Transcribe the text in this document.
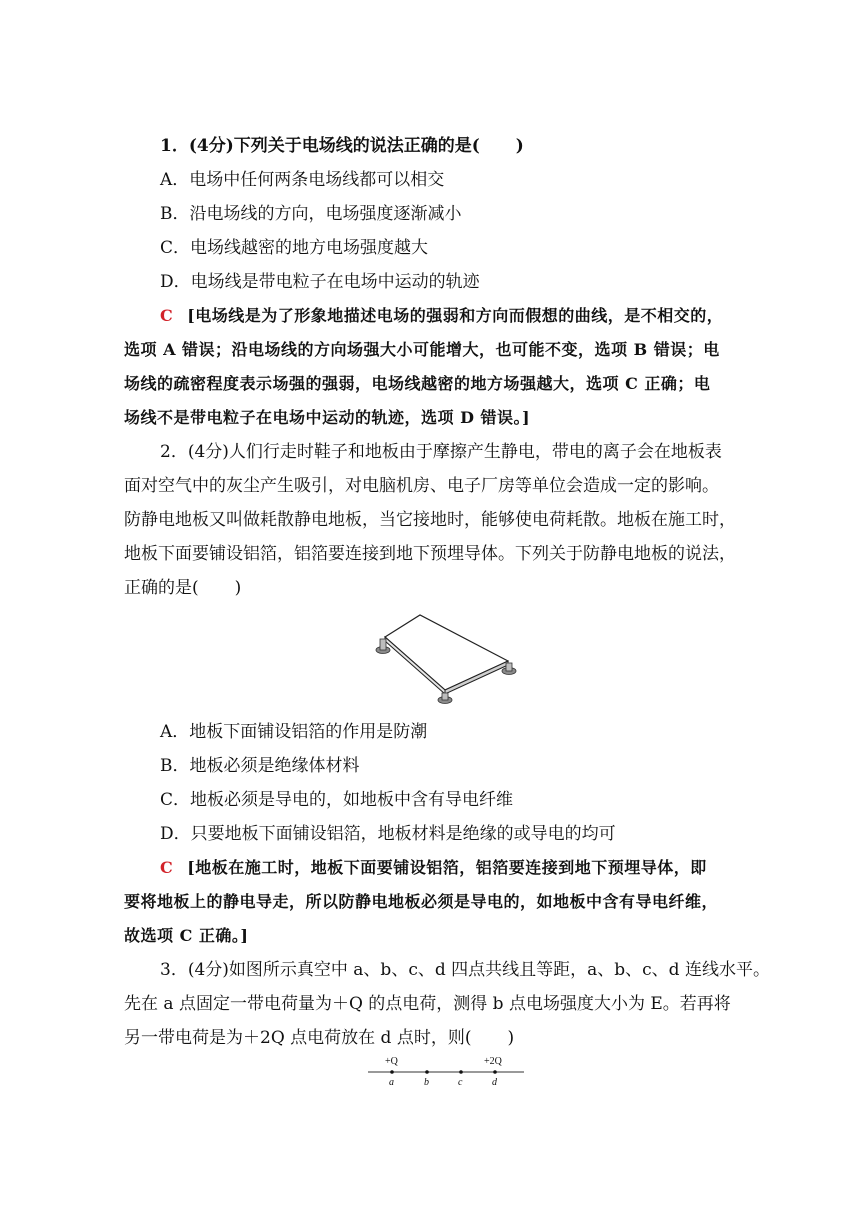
1．(4分)下列关于电场线的说法正确的是( )
A．电场中任何两条电场线都可以相交
B．沿电场线的方向，电场强度逐渐减小
C．电场线越密的地方电场强度越大
D．电场线是带电粒子在电场中运动的轨迹
C [电场线是为了形象地描述电场的强弱和方向而假想的曲线，是不相交的，
选项 A 错误；沿电场线的方向场强大小可能增大，也可能不变，选项 B 错误；电
场线的疏密程度表示场强的强弱，电场线越密的地方场强越大，选项 C 正确；电
场线不是带电粒子在电场中运动的轨迹，选项 D 错误。]
2．(4分)人们行走时鞋子和地板由于摩擦产生静电，带电的离子会在地板表
面对空气中的灰尘产生吸引，对电脑机房、电子厂房等单位会造成一定的影响。
防静电地板又叫做耗散静电地板，当它接地时，能够使电荷耗散。地板在施工时，
地板下面要铺设铝箔，铝箔要连接到地下预埋导体。下列关于防静电地板的说法，
正确的是( )
A．地板下面铺设铝箔的作用是防潮
B．地板必须是绝缘体材料
C．地板必须是导电的，如地板中含有导电纤维
D．只要地板下面铺设铝箔，地板材料是绝缘的或导电的均可
C [地板在施工时，地板下面要铺设铝箔，铝箔要连接到地下预埋导体，即
要将地板上的静电导走，所以防静电地板必须是导电的，如地板中含有导电纤维，
故选项 C 正确。]
3．(4分)如图所示真空中 a、b、c、d 四点共线且等距，a、b、c、d 连线水平。
先在 a 点固定一带电荷量为＋Q 的点电荷，测得 b 点电场强度大小为 E。若再将
另一带电荷是为＋2Q 点电荷放在 d 点时，则( )
+Q	+2Q
a	b	c	d
